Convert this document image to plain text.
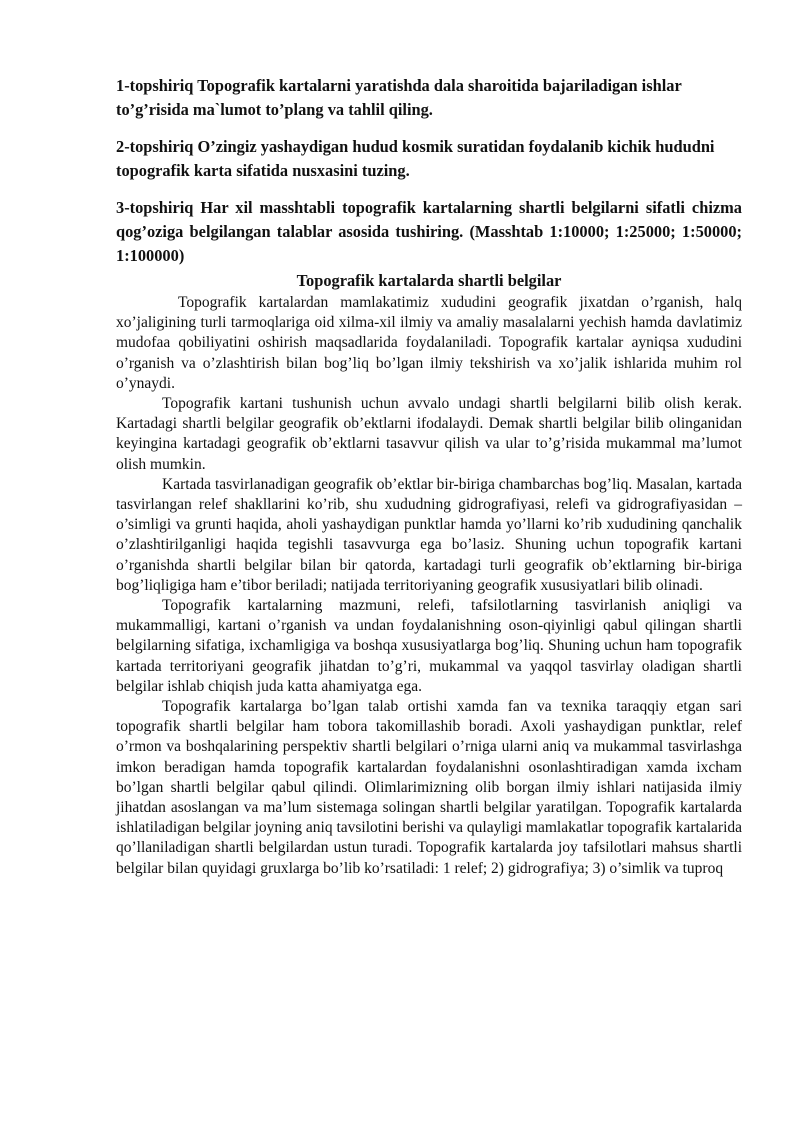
1-topshiriq Topografik kartalarni yaratishda dala sharoitida bajariladigan ishlar to’g’risida ma`lumot to’plang va tahlil qiling.

2-topshiriq O’zingiz yashaydigan hudud kosmik suratidan foydalanib kichik hududni topografik karta sifatida nusxasini tuzing.

3-topshiriq Har xil masshtabli topografik kartalarning shartli belgilarni sifatli chizma qog’oziga belgilangan talablar asosida tushiring. (Masshtab 1:10000; 1:25000; 1:50000; 1:100000)

Topografik kartalarda shartli belgilar

Topografik kartalardan mamlakatimiz xududini geografik jixatdan o’rganish, halq xo’jaligining turli tarmoqlariga oid xilma-xil ilmiy va amaliy masalalarni yechish hamda davlatimiz mudofaa qobiliyatini oshirish maqsadlarida foydalaniladi. Topografik kartalar ayniqsa xududini o’rganish va o’zlashtirish bilan bog’liq bo’lgan ilmiy tekshirish va xo’jalik ishlarida muhim rol o’ynaydi.

Topografik kartani tushunish uchun avvalo undagi shartli belgilarni bilib olish kerak. Kartadagi shartli belgilar geografik ob’ektlarni ifodalaydi. Demak shartli belgilar bilib olinganidan keyingina kartadagi geografik ob’ektlarni tasavvur qilish va ular to’g’risida mukammal ma’lumot olish mumkin.

Kartada tasvirlanadigan geografik ob’ektlar bir-biriga chambarchas bog’liq. Masalan, kartada tasvirlangan relef shakllarini ko’rib, shu xududning gidrografiyasi, relefi va gidrografiyasidan – o’simligi va grunti haqida, aholi yashaydigan punktlar hamda yo’llarni ko’rib xududining qanchalik o’zlashtirilganligi haqida tegishli tasavvurga ega bo’lasiz. Shuning uchun topografik kartani o’rganishda shartli belgilar bilan bir qatorda, kartadagi turli geografik ob’ektlarning bir-biriga bog’liqligiga ham e’tibor beriladi; natijada territoriyaning geografik xususiyatlari bilib olinadi.

Topografik kartalarning mazmuni, relefi, tafsilotlarning tasvirlanish aniqligi va mukammalligi, kartani o’rganish va undan foydalanishning oson-qiyinligi qabul qilingan shartli belgilarning sifatiga, ixchamligiga va boshqa xususiyatlarga bog’liq. Shuning uchun ham topografik kartada territoriyani geografik jihatdan to’g’ri, mukammal va yaqqol tasvirlay oladigan shartli belgilar ishlab chiqish juda katta ahamiyatga ega.

Topografik kartalarga bo’lgan talab ortishi xamda fan va texnika taraqqiy etgan sari topografik shartli belgilar ham tobora takomillashib boradi. Axoli yashaydigan punktlar, relef o’rmon va boshqalarining perspektiv shartli belgilari o’rniga ularni aniq va mukammal tasvirlashga imkon beradigan hamda topografik kartalardan foydalanishni osonlashtiradigan xamda ixcham bo’lgan shartli belgilar qabul qilindi. Olimlarimizning olib borgan ilmiy ishlari natijasida ilmiy jihatdan asoslangan va ma’lum sistemaga solingan shartli belgilar yaratilgan. Topografik kartalarda ishlatiladigan belgilar joyning aniq tavsilotini berishi va qulayligi mamlakatlar topografik kartalarida qo’llaniladigan shartli belgilardan ustun turadi. Topografik kartalarda joy tafsilotlari mahsus shartli belgilar bilan quyidagi gruxlarga bo’lib ko’rsatiladi: 1 relef; 2) gidrografiya; 3) o’simlik va tuproq
